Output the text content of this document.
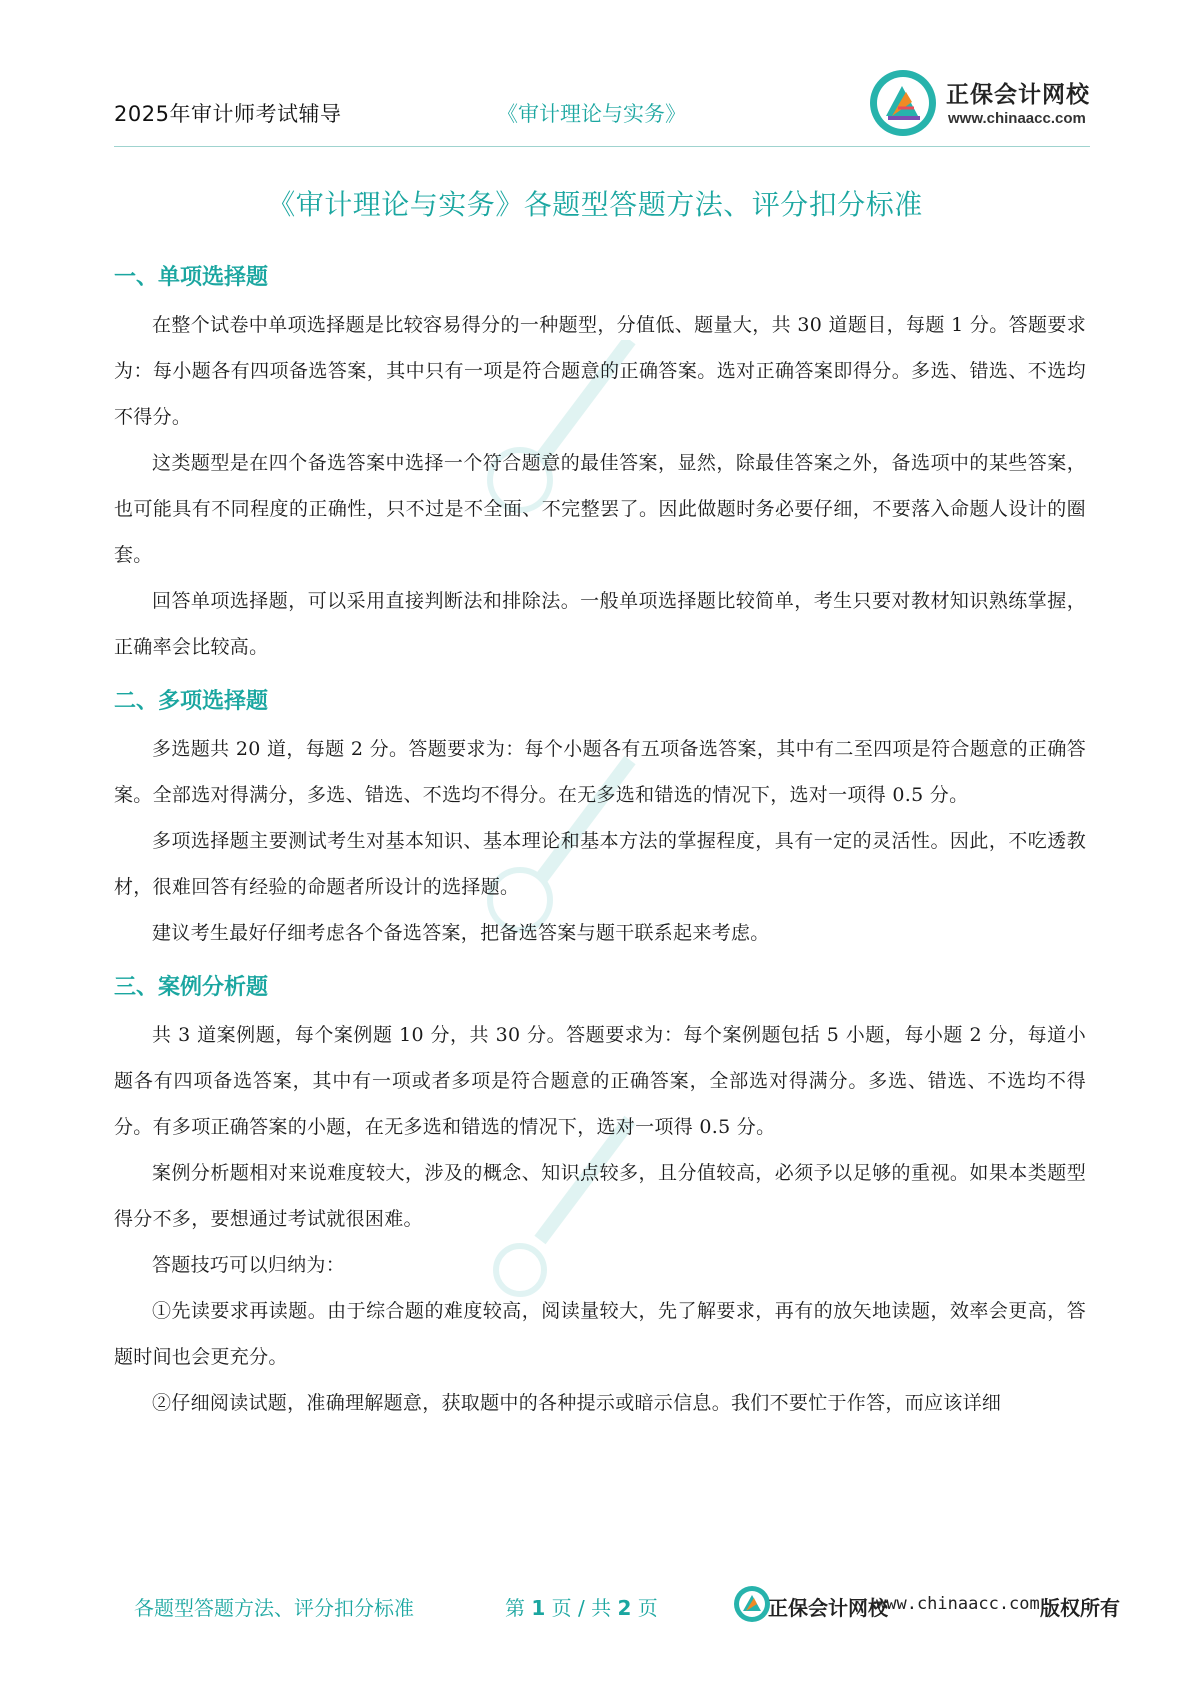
2025年审计师考试辅导	《审计理论与实务》
正保会计网校
www.chinaacc.com
《审计理论与实务》各题型答题方法、评分扣分标准
一、单项选择题

在整个试卷中单项选择题是比较容易得分的一种题型，分值低、题量大，共 30 道题目，每题 1 分。答题要求为：每小题各有四项备选答案，其中只有一项是符合题意的正确答案。选对正确答案即得分。多选、错选、不选均不得分。

这类题型是在四个备选答案中选择一个符合题意的最佳答案，显然，除最佳答案之外，备选项中的某些答案，也可能具有不同程度的正确性，只不过是不全面、不完整罢了。因此做题时务必要仔细，不要落入命题人设计的圈套。

回答单项选择题，可以采用直接判断法和排除法。一般单项选择题比较简单，考生只要对教材知识熟练掌握，正确率会比较高。

二、多项选择题

多选题共 20 道，每题 2 分。答题要求为：每个小题各有五项备选答案，其中有二至四项是符合题意的正确答案。全部选对得满分，多选、错选、不选均不得分。在无多选和错选的情况下，选对一项得 0.5 分。

多项选择题主要测试考生对基本知识、基本理论和基本方法的掌握程度，具有一定的灵活性。因此，不吃透教材，很难回答有经验的命题者所设计的选择题。

建议考生最好仔细考虑各个备选答案，把备选答案与题干联系起来考虑。

三、案例分析题

共 3 道案例题，每个案例题 10 分，共 30 分。答题要求为：每个案例题包括 5 小题，每小题 2 分，每道小题各有四项备选答案，其中有一项或者多项是符合题意的正确答案，全部选对得满分。多选、错选、不选均不得分。有多项正确答案的小题，在无多选和错选的情况下，选对一项得 0.5 分。

案例分析题相对来说难度较大，涉及的概念、知识点较多，且分值较高，必须予以足够的重视。如果本类题型得分不多，要想通过考试就很困难。

答题技巧可以归纳为：

①先读要求再读题。由于综合题的难度较高，阅读量较大，先了解要求，再有的放矢地读题，效率会更高，答题时间也会更充分。

②仔细阅读试题，准确理解题意，获取题中的各种提示或暗示信息。我们不要忙于作答，而应该详细

各题型答题方法、评分扣分标准	第 1 页 / 共 2 页	正保会计网校
www.chinaacc.com 版权所有
